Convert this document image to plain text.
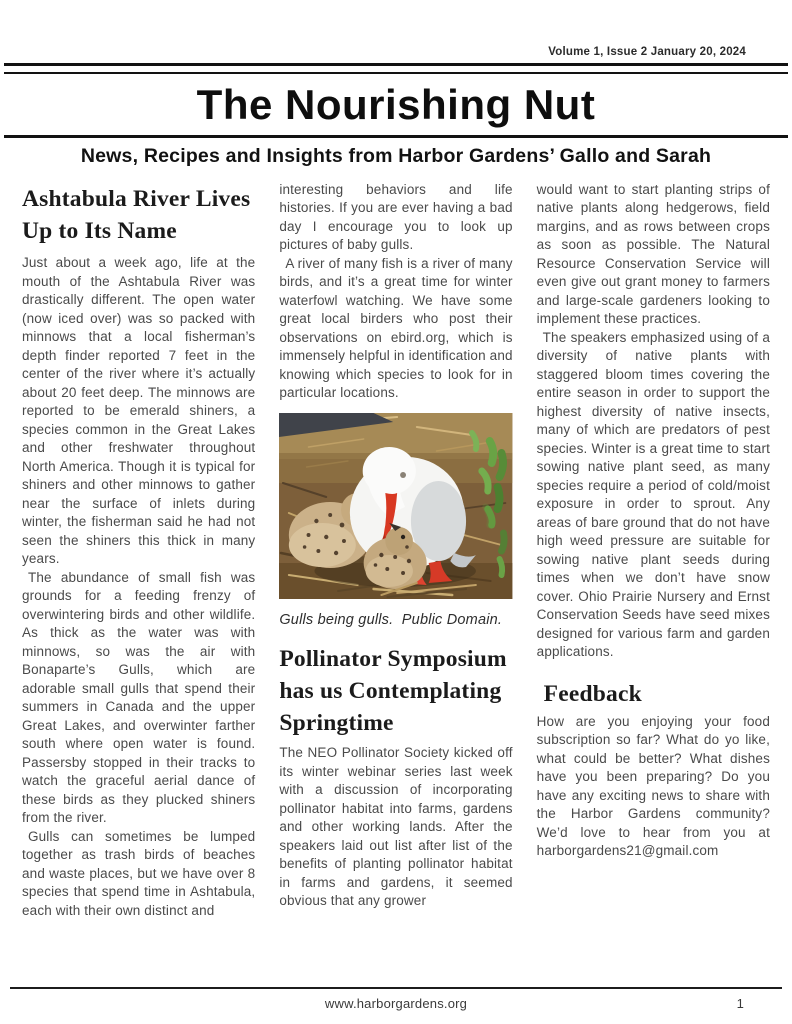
Volume 1, Issue 2 January 20, 2024
The Nourishing Nut
News, Recipes and Insights from Harbor Gardens’ Gallo and Sarah
Ashtabula River Lives Up to Its Name

Just about a week ago, life at the mouth of the Ashtabula River was drastically different. The open water (now iced over) was so packed with minnows that a local fisherman’s depth finder reported 7 feet in the center of the river where it’s actually about 20 feet deep. The minnows are reported to be emerald shiners, a species common in the Great Lakes and other freshwater throughout North America. Though it is typical for shiners and other minnows to gather near the surface of inlets during winter, the fisherman said he had not seen the shiners this thick in many years.

The abundance of small fish was grounds for a feeding frenzy of overwintering birds and other wildlife. As thick as the water was with minnows, so was the air with Bonaparte’s Gulls, which are adorable small gulls that spend their summers in Canada and the upper Great Lakes, and overwinter farther south where open water is found. Passersby stopped in their tracks to watch the graceful aerial dance of these birds as they plucked shiners from the river.

Gulls can sometimes be lumped together as trash birds of beaches and waste places, but we have over 8 species that spend time in Ashtabula, each with their own distinct and

interesting behaviors and life histories. If you are ever having a bad day I encourage you to look up pictures of baby gulls.

A river of many fish is a river of many birds, and it’s a great time for winter waterfowl watching. We have some great local birders who post their observations on ebird.org, which is immensely helpful in identification and knowing which species to look for in particular locations.

Gulls being gulls.  Public Domain.
Pollinator Symposium has us Contemplating Springtime

The NEO Pollinator Society kicked off its winter webinar series last week with a discussion of incorporating pollinator habitat into farms, gardens and other working lands. After the speakers laid out list after list of the benefits of planting pollinator habitat in farms and gardens, it seemed obvious that any grower

would want to start planting strips of native plants along hedgerows, field margins, and as rows between crops as soon as possible. The Natural Resource Conservation Service will even give out grant money to farmers and large-scale gardeners looking to implement these practices.

The speakers emphasized using of a diversity of native plants with staggered bloom times covering the entire season in order to support the highest diversity of native insects, many of which are predators of pest species. Winter is a great time to start sowing native plant seed, as many species require a period of cold/moist exposure in order to sprout. Any areas of bare ground that do not have high weed pressure are suitable for sowing native plant seeds during times when we don’t have snow cover. Ohio Prairie Nursery and Ernst Conservation Seeds have seed mixes designed for various farm and garden applications.

Feedback

How are you enjoying your food subscription so far? What do yo like, what could be better? What dishes have you been preparing? Do you have any exciting news to share with the Harbor Gardens community? We’d love to hear from you at harborgardens21@gmail.com

www.harborgardens.org	1
